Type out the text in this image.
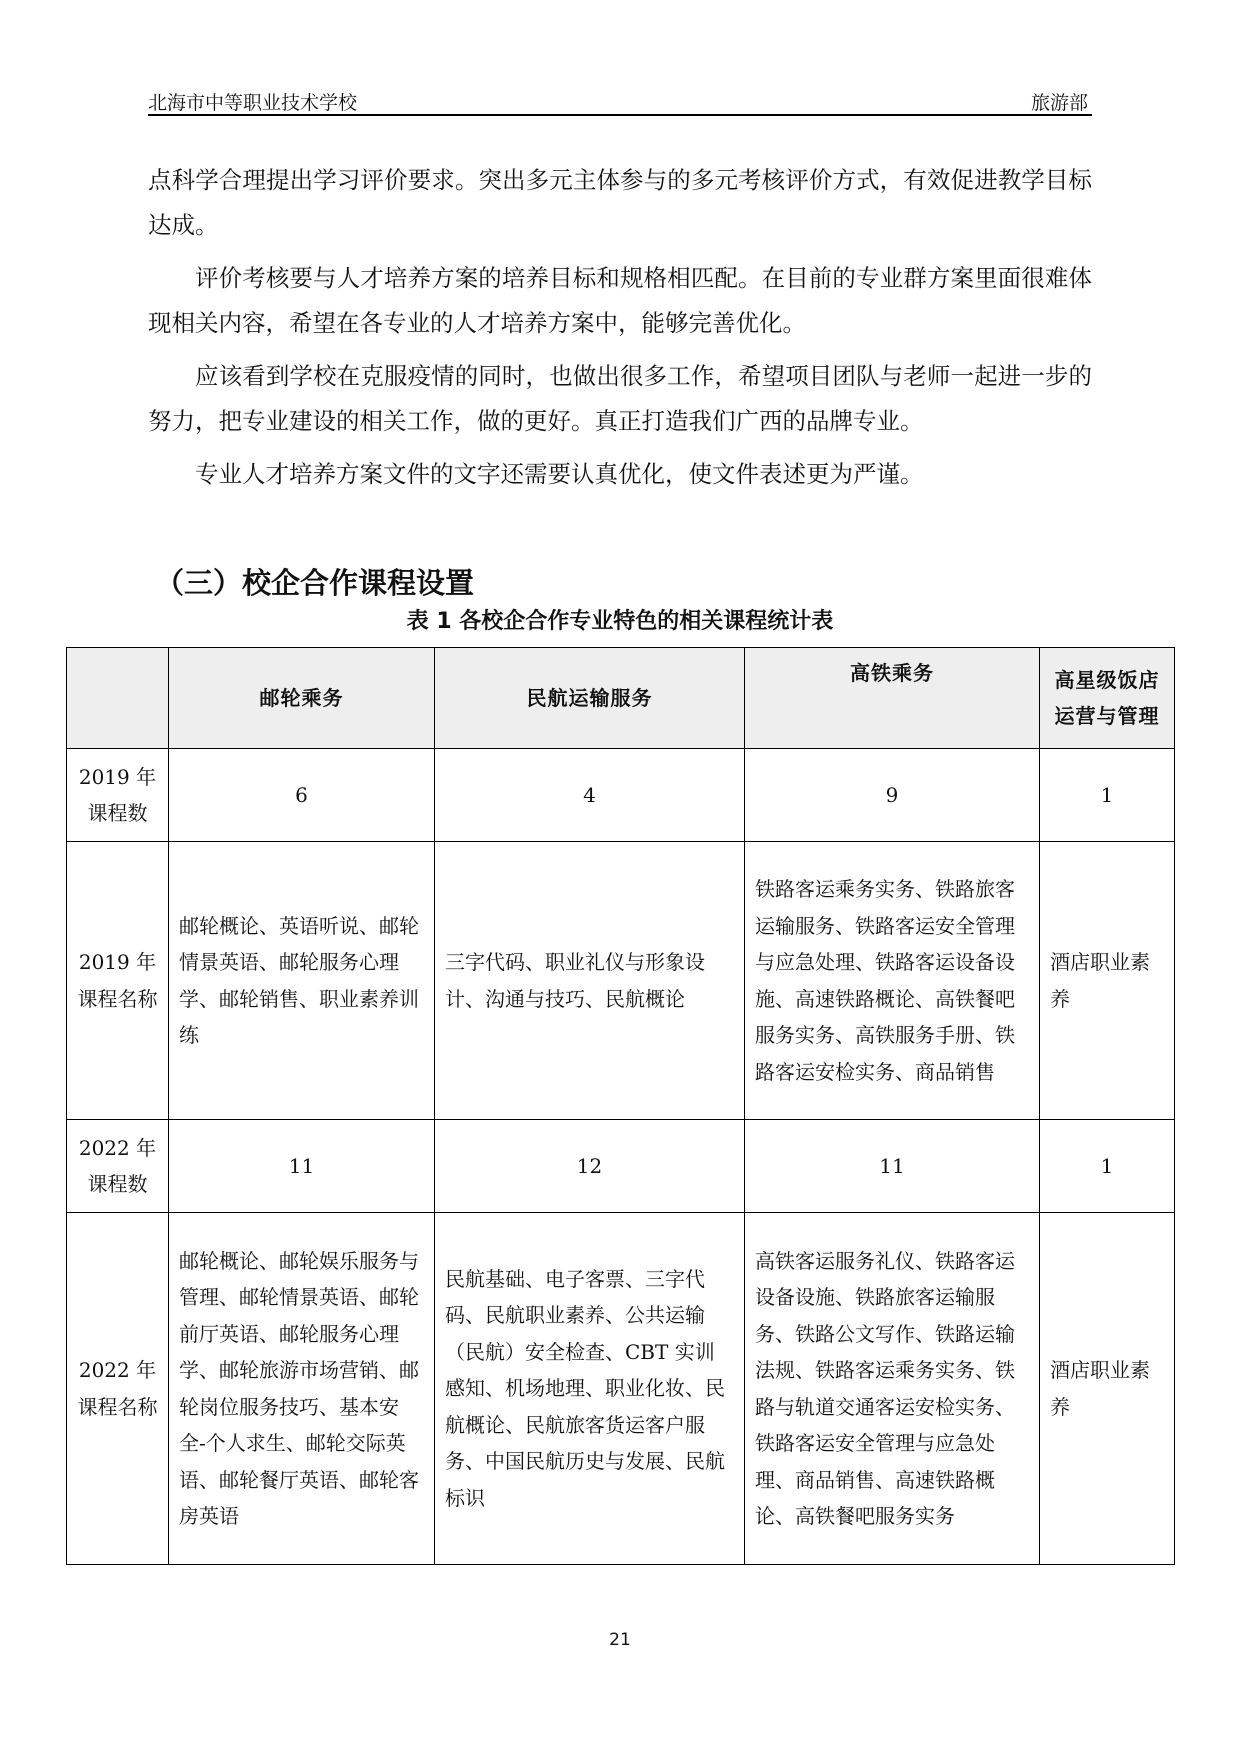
北海市中等职业技术学校	旅游部

点科学合理提出学习评价要求。突出多元主体参与的多元考核评价方式，有效促进教学目标达成。

评价考核要与人才培养方案的培养目标和规格相匹配。在目前的专业群方案里面很难体现相关内容，希望在各专业的人才培养方案中，能够完善优化。

应该看到学校在克服疫情的同时，也做出很多工作，希望项目团队与老师一起进一步的努力，把专业建设的相关工作，做的更好。真正打造我们广西的品牌专业。

专业人才培养方案文件的文字还需要认真优化，使文件表述更为严谨。

（三）校企合作课程设置
表 1 各校企合作专业特色的相关课程统计表
	邮轮乘务	民航运输服务	高铁乘务	高星级饭店运营与管理
2019 年课程数	6	4	9	1
2019 年课程名称	邮轮概论、英语听说、邮轮情景英语、邮轮服务心理学、邮轮销售、职业素养训练	三字代码、职业礼仪与形象设计、沟通与技巧、民航概论	铁路客运乘务实务、铁路旅客运输服务、铁路客运安全管理与应急处理、铁路客运设备设施、高速铁路概论、高铁餐吧服务实务、高铁服务手册、铁路客运安检实务、商品销售	酒店职业素养
2022 年课程数	11	12	11	1
2022 年课程名称	邮轮概论、邮轮娱乐服务与管理、邮轮情景英语、邮轮前厅英语、邮轮服务心理学、邮轮旅游市场营销、邮轮岗位服务技巧、基本安全-个人求生、邮轮交际英语、邮轮餐厅英语、邮轮客房英语	民航基础、电子客票、三字代码、民航职业素养、公共运输（民航）安全检查、CBT 实训感知、机场地理、职业化妆、民航概论、民航旅客货运客户服务、中国民航历史与发展、民航标识	高铁客运服务礼仪、铁路客运设备设施、铁路旅客运输服务、铁路公文写作、铁路运输法规、铁路客运乘务实务、铁路与轨道交通客运安检实务、铁路客运安全管理与应急处理、商品销售、高速铁路概论、高铁餐吧服务实务	酒店职业素养
21
